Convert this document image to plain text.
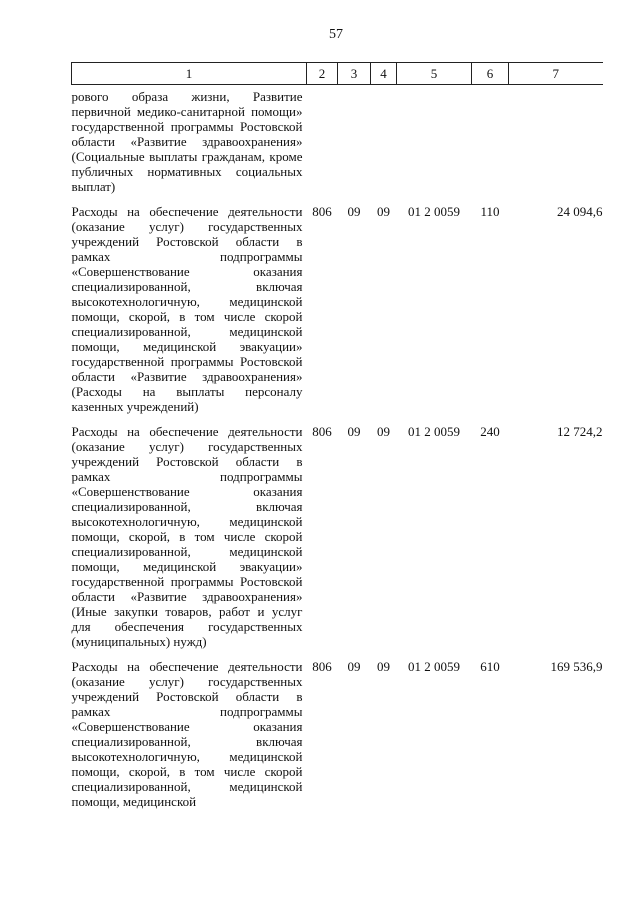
57
1	2	3	4	5	6	7
рового образа жизни, Развитие первичной медико-санитарной помощи» государственной программы Ростовской области «Развитие здравоохранения» (Социальные выплаты гражданам, кроме публичных нормативных социальных выплат)						
Расходы на обеспечение деятельности (оказание услуг) государственных учреждений Ростовской области в рамках подпрограммы «Совершенствование оказания специализированной, включая высокотехнологичную, медицинской помощи, скорой, в том числе скорой специализированной, медицинской помощи, медицинской эвакуации» государственной программы Ростовской области «Развитие здравоохранения» (Расходы на выплаты персоналу казенных учреждений)	806	09	09	01 2 0059	110	24 094,6
Расходы на обеспечение деятельности (оказание услуг) государственных учреждений Ростовской области в рамках подпрограммы «Совершенствование оказания специализированной, включая высокотехнологичную, медицинской помощи, скорой, в том числе скорой специализированной, медицинской помощи, медицинской эвакуации» государственной программы Ростовской области «Развитие здравоохранения» (Иные закупки товаров, работ и услуг для обеспечения государственных (муниципальных) нужд)	806	09	09	01 2 0059	240	12 724,2
Расходы на обеспечение деятельности (оказание услуг) государственных учреждений Ростовской области в рамках подпрограммы «Совершенствование оказания специализированной, включая высокотехнологичную, медицинской помощи, скорой, в том числе скорой специализированной, медицинской помощи, медицинской	806	09	09	01 2 0059	610	169 536,9
